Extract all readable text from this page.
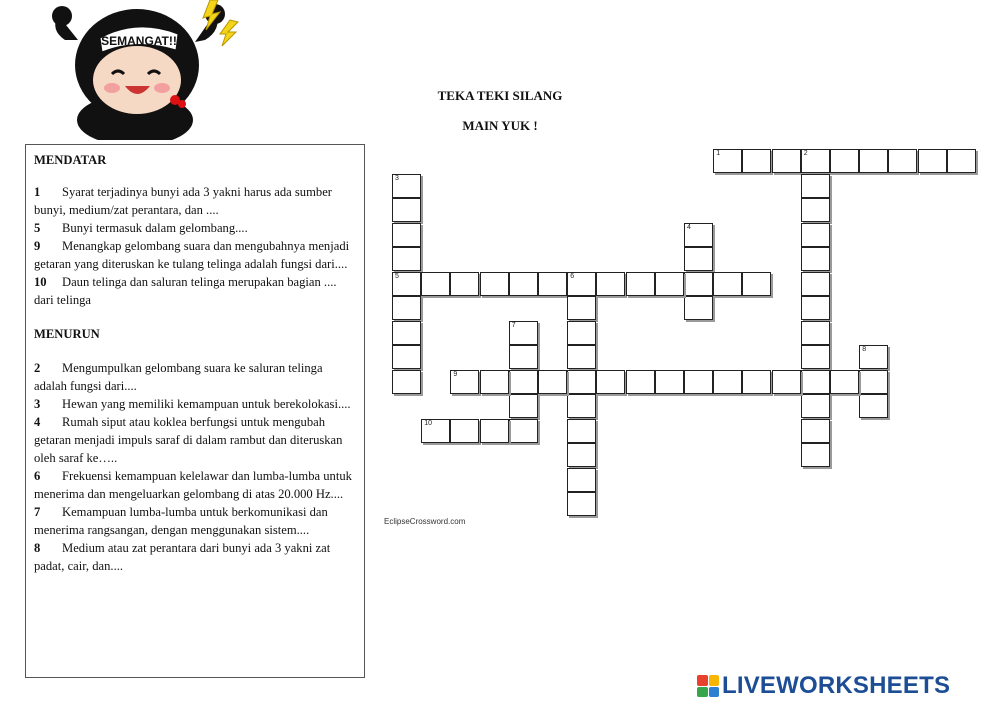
SEMANGAT!!
TEKA TEKI SILANG
MAIN YUK !

MENDATAR

1 Syarat terjadinya bunyi ada 3 yakni harus ada sumber bunyi, medium/zat perantara, dan ....

5 Bunyi termasuk dalam gelombang....

9 Menangkap gelombang suara dan mengubahnya menjadi getaran yang diteruskan ke tulang telinga adalah fungsi dari....

10 Daun telinga dan saluran telinga merupakan bagian .... dari telinga

MENURUN

2 Mengumpulkan gelombang suara ke saluran telinga adalah fungsi dari....

3 Hewan yang memiliki kemampuan untuk berekolokasi....

4 Rumah siput atau koklea berfungsi untuk mengubah getaran menjadi impuls saraf di dalam rambut dan diteruskan oleh saraf ke…..

6 Frekuensi kemampuan kelelawar dan lumba-lumba untuk menerima dan mengeluarkan gelombang di atas 20.000 Hz....

7 Kemampuan lumba-lumba untuk berkomunikasi dan menerima rangsangan, dengan menggunakan sistem....

8 Medium atau zat perantara dari bunyi ada 3 yakni zat padat, cair, dan....

1	2
3
5
4
6
7
8
9
10
EclipseCrossword.com
LIVEWORKSHEETS
